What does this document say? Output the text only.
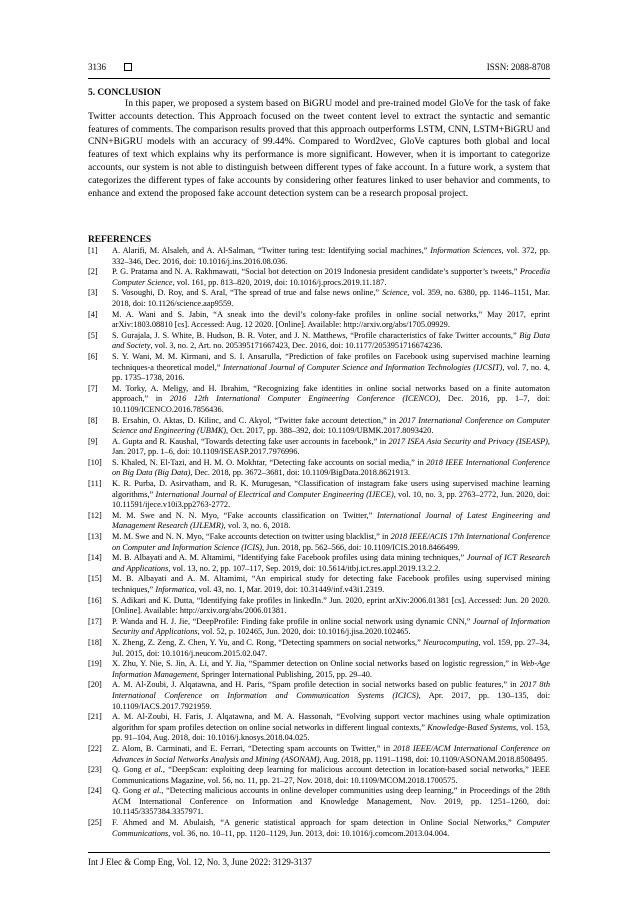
3136	ISSN: 2088-8708
5. CONCLUSION

In this paper, we proposed a system based on BiGRU model and pre-trained model GloVe for the task of fake Twitter accounts detection. This Approach focused on the tweet content level to extract the syntactic and semantic features of comments. The comparison results proved that this approach outperforms LSTM, CNN, LSTM+BiGRU and CNN+BiGRU models with an accuracy of 99.44%. Compared to Word2vec, GloVe captures both global and local features of text which explains why its performance is more significant. However, when it is important to categorize accounts, our system is not able to distinguish between different types of fake account. In a future work, a system that categorizes the different types of fake accounts by considering other features linked to user behavior and comments, to enhance and extend the proposed fake account detection system can be a research proposal project.

REFERENCES
[1] A. Alarifi, M. Alsaleh, and A. Al-Salman, “Twitter turing test: Identifying social machines,” Information Sciences, vol. 372, pp. 332–346, Dec. 2016, doi: 10.1016/j.ins.2016.08.036.
[2] P. G. Pratama and N. A. Rakhmawati, “Social bot detection on 2019 Indonesia president candidate’s supporter’s tweets,” Procedia Computer Science, vol. 161, pp. 813–820, 2019, doi: 10.1016/j.procs.2019.11.187.
[3] S. Vosoughi, D. Roy, and S. Aral, “The spread of true and false news online,” Science, vol. 359, no. 6380, pp. 1146–1151, Mar. 2018, doi: 10.1126/science.aap9559.
[4] M. A. Wani and S. Jabin, “A sneak into the devil’s colony-fake profiles in online social networks,” May 2017, eprint arXiv:1803.08810 [cs]. Accessed: Aug. 12 2020. [Online]. Available: http://arxiv.org/abs/1705.09929.
[5] S. Gurajala, J. S. White, B. Hudson, B. R. Voter, and J. N. Matthews, “Profile characteristics of fake Twitter accounts,” Big Data and Society, vol. 3, no. 2, Art. no. 205395171667423, Dec. 2016, doi: 10.1177/2053951716674236.
[6] S. Y. Wani, M. M. Kirmani, and S. I. Ansarulla, “Prediction of fake profiles on Facebook using supervised machine learning techniques-a theoretical model,” International Journal of Computer Science and Information Technologies (IJCSIT), vol. 7, no. 4, pp. 1735–1738, 2016.
[7] M. Torky, A. Meligy, and H. Ibrahim, “Recognizing fake identities in online social networks based on a finite automaton approach,” in 2016 12th International Computer Engineering Conference (ICENCO), Dec. 2016, pp. 1–7, doi: 10.1109/ICENCO.2016.7856436.
[8] B. Ersahin, O. Aktas, D. Kilinc, and C. Akyol, “Twitter fake account detection,” in 2017 International Conference on Computer Science and Engineering (UBMK), Oct. 2017, pp. 388–392, doi: 10.1109/UBMK.2017.8093420.
[9] A. Gupta and R. Kaushal, “Towards detecting fake user accounts in facebook,” in 2017 ISEA Asia Security and Privacy (ISEASP), Jan. 2017, pp. 1–6, doi: 10.1109/ISEASP.2017.7976996.
[10] S. Khaled, N. El-Tazi, and H. M. O. Mokhtar, “Detecting fake accounts on social media,” in 2018 IEEE International Conference on Big Data (Big Data), Dec. 2018, pp. 3672–3681, doi: 10.1109/BigData.2018.8621913.
[11] K. R. Purba, D. Asirvatham, and R. K. Murugesan, “Classification of instagram fake users using supervised machine learning algorithms,” International Journal of Electrical and Computer Engineering (IJECE), vol. 10, no. 3, pp. 2763–2772, Jun. 2020, doi: 10.11591/ijece.v10i3.pp2763-2772.
[12] M. M. Swe and N. N. Myo, “Fake accounts classification on Twitter,” International Journal of Latest Engineering and Management Research (IJLEMR), vol. 3, no. 6, 2018.
[13] M. M. Swe and N. N. Myo, “Fake accounts detection on twitter using blacklist,” in 2018 IEEE/ACIS 17th International Conference on Computer and Information Science (ICIS), Jun. 2018, pp. 562–566, doi: 10.1109/ICIS.2018.8466499.
[14] M. B. Albayati and A. M. Altamimi, “Identifying fake Facebook profiles using data mining techniques,” Journal of ICT Research and Applications, vol. 13, no. 2, pp. 107–117, Sep. 2019, doi: 10.5614/itbj.ict.res.appl.2019.13.2.2.
[15] M. B. Albayati and A. M. Altamimi, “An empirical study for detecting fake Facebook profiles using supervised mining techniques,” Informatica, vol. 43, no. 1, Mar. 2019, doi: 10.31449/inf.v43i1.2319.
[16] S. Adikari and K. Dutta, “Identifying fake profiles in linkedIn.” Jun. 2020, eprint arXiv:2006.01381 [cs]. Accessed: Jun. 20 2020. [Online]. Available: http://arxiv.org/abs/2006.01381.
[17] P. Wanda and H. J. Jie, “DeepProfile: Finding fake profile in online social network using dynamic CNN,” Journal of Information Security and Applications, vol. 52, p. 102465, Jun. 2020, doi: 10.1016/j.jisa.2020.102465.
[18] X. Zheng, Z. Zeng, Z. Chen, Y. Yu, and C. Rong, “Detecting spammers on social networks,” Neurocomputing, vol. 159, pp. 27–34, Jul. 2015, doi: 10.1016/j.neucom.2015.02.047.
[19] X. Zhu, Y. Nie, S. Jin, A. Li, and Y. Jia, “Spammer detection on Online social networks based on logistic regression,” in Web-Age Information Management, Springer International Publishing, 2015, pp. 29–40.
[20] A. M. Al-Zoubi, J. Alqatawna, and H. Paris, “Spam profile detection in social networks based on public features,” in 2017 8th International Conference on Information and Communication Systems (ICICS), Apr. 2017, pp. 130–135, doi: 10.1109/IACS.2017.7921959.
[21] A. M. Al-Zoubi, H. Faris, J. Alqatawna, and M. A. Hassonah, “Evolving support vector machines using whale optimization algorithm for spam profiles detection on online social networks in different lingual contexts,” Knowledge-Based Systems, vol. 153, pp. 91–104, Aug. 2018, doi: 10.1016/j.knosys.2018.04.025.
[22] Z. Alom, B. Carminati, and E. Ferrari, “Detecting spam accounts on Twitter,” in 2018 IEEE/ACM International Conference on Advances in Social Networks Analysis and Mining (ASONAM), Aug. 2018, pp. 1191–1198, doi: 10.1109/ASONAM.2018.8508495.
[23] Q. Gong et al., “DeepScan: exploiting deep learning for malicious account detection in location-based social networks,” IEEE Communications Magazine, vol. 56, no. 11, pp. 21–27, Nov. 2018, doi: 10.1109/MCOM.2018.1700575.
[24] Q. Gong et al., “Detecting malicious accounts in online developer communities using deep learning,” in Proceedings of the 28th ACM International Conference on Information and Knowledge Management, Nov. 2019, pp. 1251–1260, doi: 10.1145/3357384.3357971.
[25] F. Ahmed and M. Abulaish, “A generic statistical approach for spam detection in Online Social Networks,” Computer Communications, vol. 36, no. 10–11, pp. 1120–1129, Jun. 2013, doi: 10.1016/j.comcom.2013.04.004.
Int J Elec & Comp Eng, Vol. 12, No. 3, June 2022: 3129-3137
